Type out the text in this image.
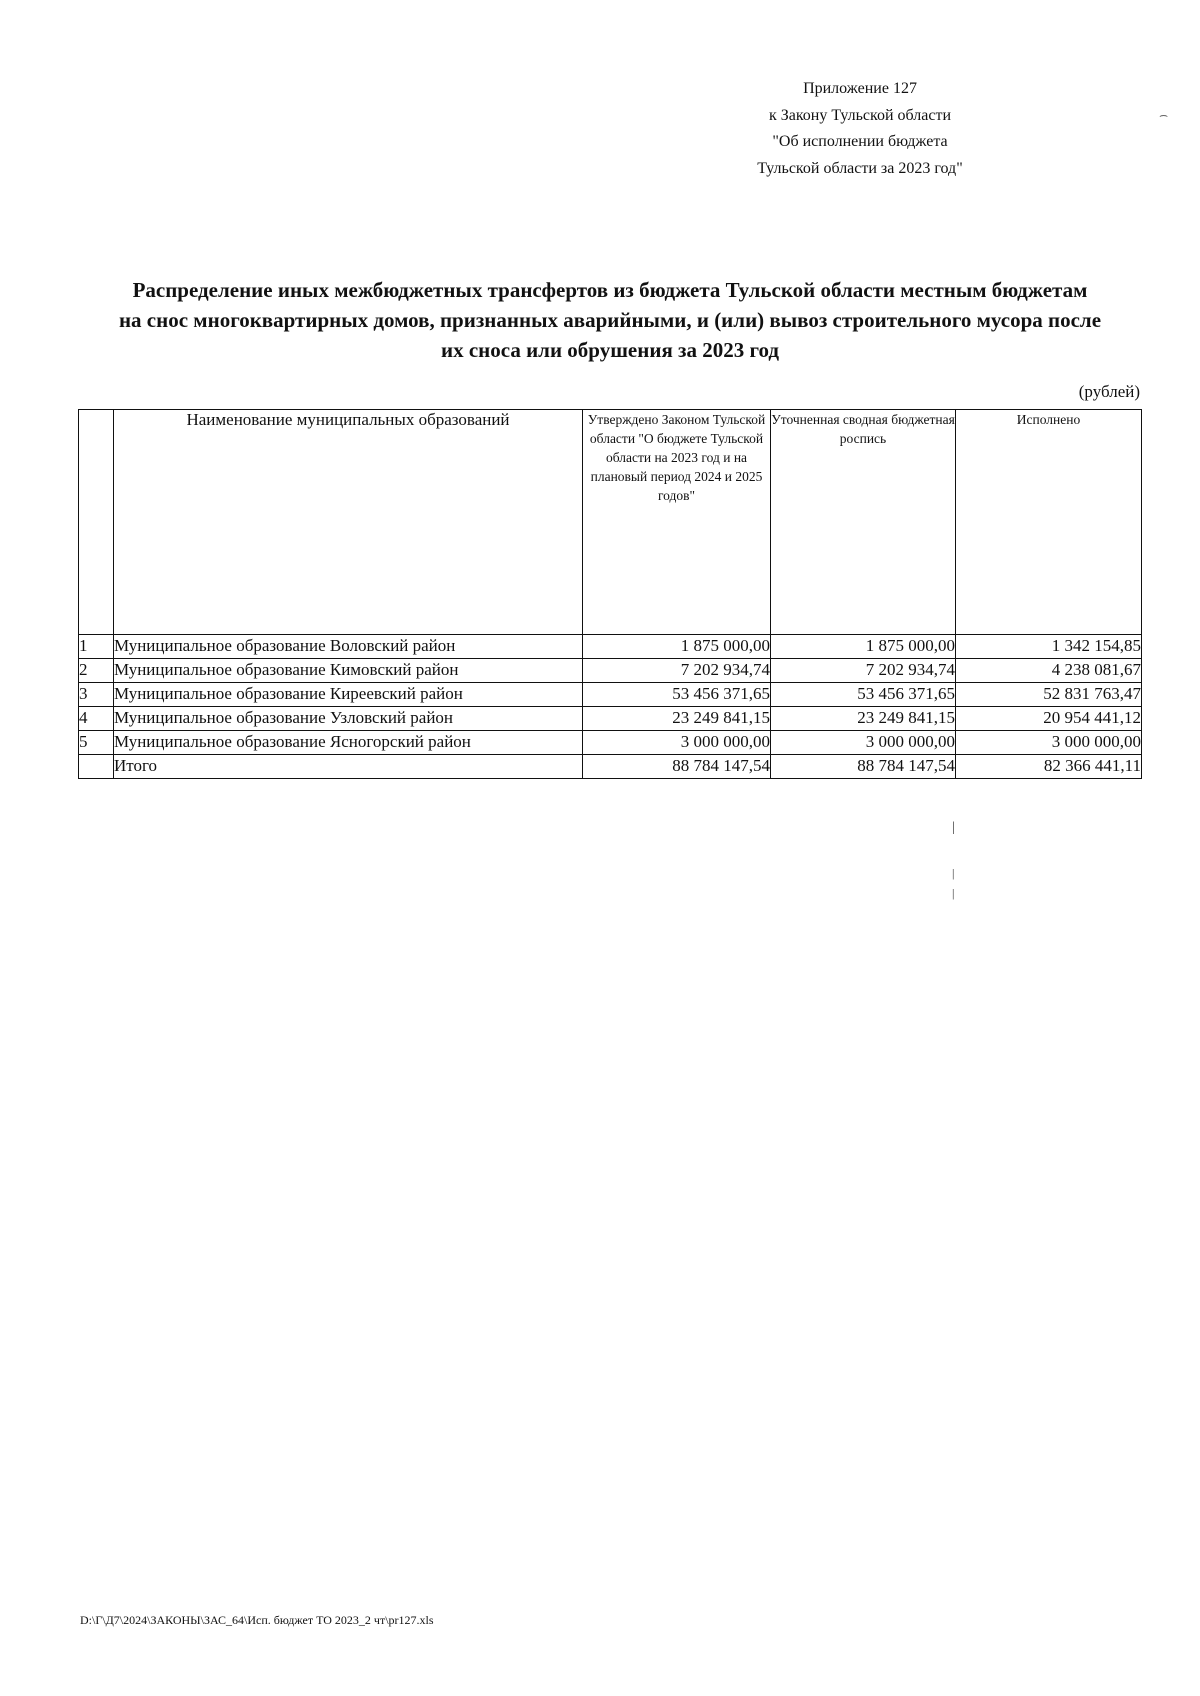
Приложение 127
к Закону Тульской области
"Об исполнении бюджета
Тульской области за 2023 год"
Распределение иных межбюджетных трансфертов из бюджета Тульской области местным бюджетам
на снос многоквартирных домов, признанных аварийными, и (или) вывоз строительного мусора после
их сноса или обрушения за 2023 год
(рублей)
	Наименование муниципальных образований	Утверждено Законом Тульской области "О бюджете Тульской области на 2023 год и на плановый период 2024 и 2025 годов"	Уточненная сводная бюджетная роспись	Исполнено
1	Муниципальное образование Воловский район	1 875 000,00	1 875 000,00	1 342 154,85
2	Муниципальное образование Кимовский район	7 202 934,74	7 202 934,74	4 238 081,67
3	Муниципальное образование Киреевский район	53 456 371,65	53 456 371,65	52 831 763,47
4	Муниципальное образование Узловский район	23 249 841,15	23 249 841,15	20 954 441,12
5	Муниципальное образование Ясногорский район	3 000 000,00	3 000 000,00	3 000 000,00
	Итого	88 784 147,54	88 784 147,54	82 366 441,11
|
|
|
D:\Г\Д7\2024\ЗАКОНЫ\ЗАС_64\Исп. бюджет ТО 2023_2 чт\pr127.xls
